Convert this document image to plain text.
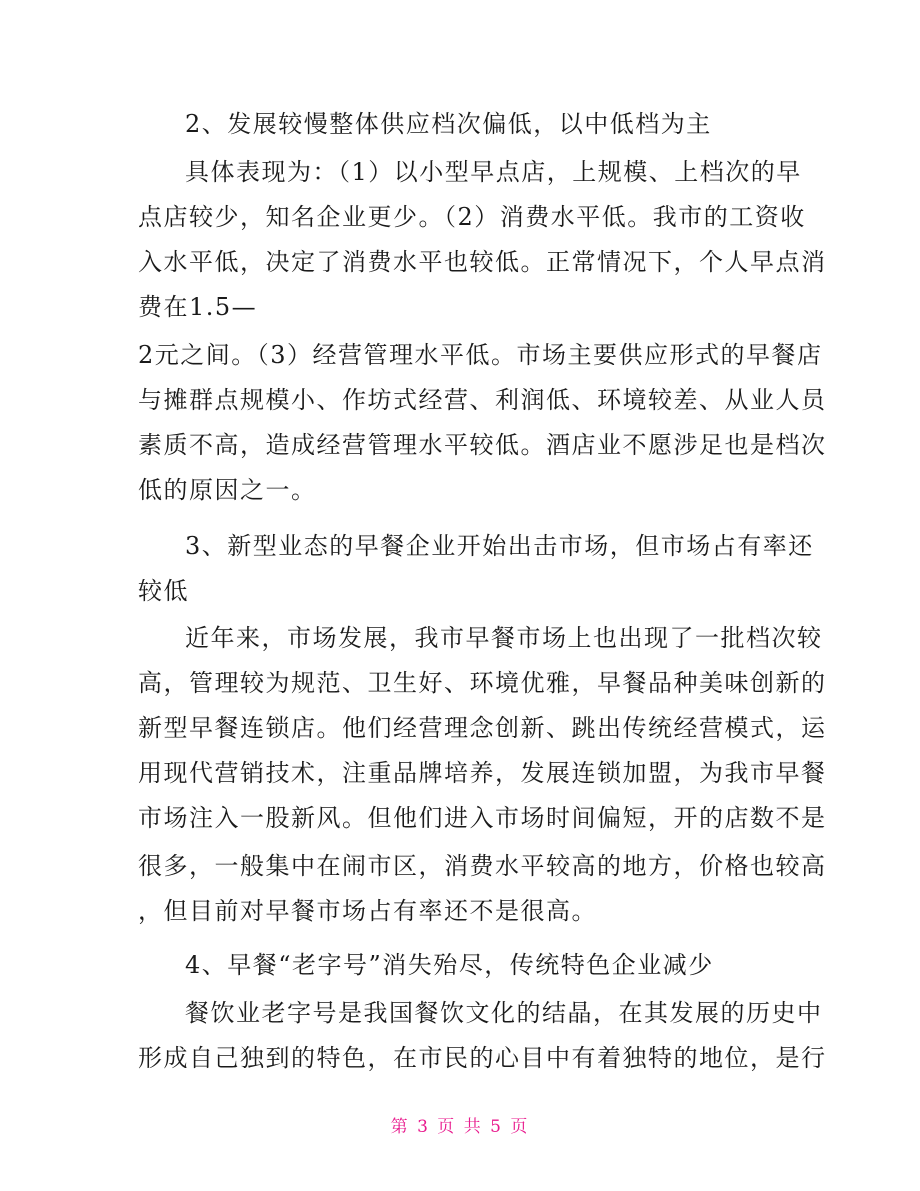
2、发展较慢整体供应档次偏低，以中低档为主
具体表现为：（1）以小型早点店，上规模、上档次的早
点店较少，知名企业更少。（2）消费水平低。我市的工资收
入水平低，决定了消费水平也较低。正常情况下，个人早点消
费在1.5—
2元之间。（3）经营管理水平低。市场主要供应形式的早餐店
与摊群点规模小、作坊式经营、利润低、环境较差、从业人员
素质不高，造成经营管理水平较低。酒店业不愿涉足也是档次
低的原因之一。
3、新型业态的早餐企业开始出击市场，但市场占有率还
较低
近年来，市场发展，我市早餐市场上也出现了一批档次较
高，管理较为规范、卫生好、环境优雅，早餐品种美味创新的
新型早餐连锁店。他们经营理念创新、跳出传统经营模式，运
用现代营销技术，注重品牌培养，发展连锁加盟，为我市早餐
市场注入一股新风。但他们进入市场时间偏短，开的店数不是
很多，一般集中在闹市区，消费水平较高的地方，价格也较高
，但目前对早餐市场占有率还不是很高。
4、早餐“老字号”消失殆尽，传统特色企业减少
餐饮业老字号是我国餐饮文化的结晶，在其发展的历史中
形成自己独到的特色，在市民的心目中有着独特的地位，是行
第 3 页 共 5 页
